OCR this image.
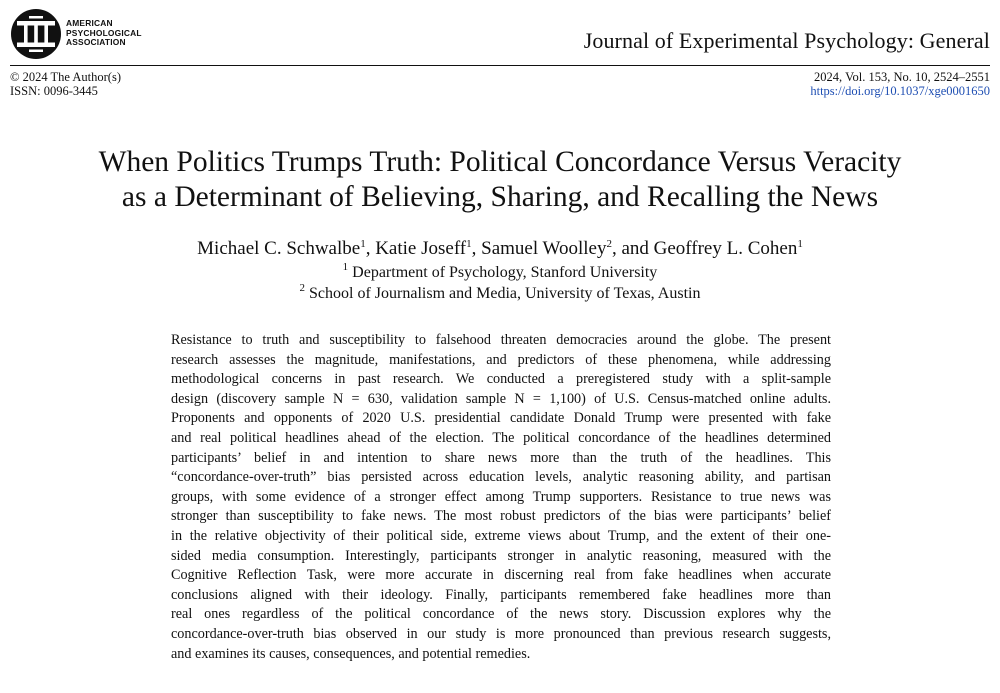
AMERICAN
PSYCHOLOGICAL
ASSOCIATION	Journal of Experimental Psychology: General
© 2024 The Author(s)
ISSN: 0096-3445
2024, Vol. 153, No. 10, 2524–2551
https://doi.org/10.1037/xge0001650
When Politics Trumps Truth: Political Concordance Versus Veracity
as a Determinant of Believing, Sharing, and Recalling the News
Michael C. Schwalbe$^1$, Katie Joseff$^1$, Samuel Woolley$^2$, and Geoffrey L. Cohen$^1$
$^1$ Department of Psychology, Stanford University
$^2$ School of Journalism and Media, University of Texas, Austin
Resistance to truth and susceptibility to falsehood threaten democracies around the globe. The present
research assesses the magnitude, manifestations, and predictors of these phenomena, while addressing
methodological concerns in past research. We conducted a preregistered study with a split-sample
design (discovery sample N = 630, validation sample N = 1,100) of U.S. Census-matched online adults.
Proponents and opponents of 2020 U.S. presidential candidate Donald Trump were presented with fake
and real political headlines ahead of the election. The political concordance of the headlines determined
participants’ belief in and intention to share news more than the truth of the headlines. This
“concordance-over-truth” bias persisted across education levels, analytic reasoning ability, and partisan
groups, with some evidence of a stronger effect among Trump supporters. Resistance to true news was
stronger than susceptibility to fake news. The most robust predictors of the bias were participants’ belief
in the relative objectivity of their political side, extreme views about Trump, and the extent of their one-
sided media consumption. Interestingly, participants stronger in analytic reasoning, measured with the
Cognitive Reflection Task, were more accurate in discerning real from fake headlines when accurate
conclusions aligned with their ideology. Finally, participants remembered fake headlines more than
real ones regardless of the political concordance of the news story. Discussion explores why the
concordance-over-truth bias observed in our study is more pronounced than previous research suggests,
and examines its causes, consequences, and potential remedies.
